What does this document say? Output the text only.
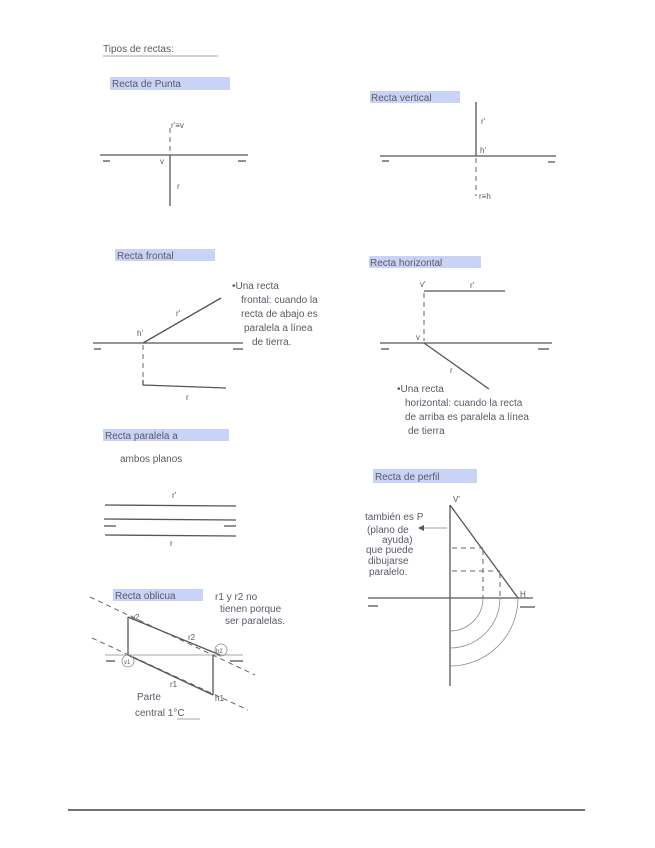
Tipos de rectas:
Recta de Punta
r'≡v
v
r
Recta vertical
r'
h'
r≡h
Recta frontal
h'
r'
r
•Una recta
frontal: cuando la
recta de abajo es
paralela a línea
de tierra.
Recta horizontal
v'	r'
v
r
•Una recta
horizontal: cuando la recta
de arriba es paralela a línea
de tierra
Recta paralela a
ambos planos
r'
r
Recta de perfil
V'
H
también es P
(plano de
ayuda)
que puede
dibujarse
paralelo.
Recta oblicua	r1 y r2 no
tienen porque
ser paralelas.
v2
r2
h2
v1
r1
h1
Parte
central 1°C
